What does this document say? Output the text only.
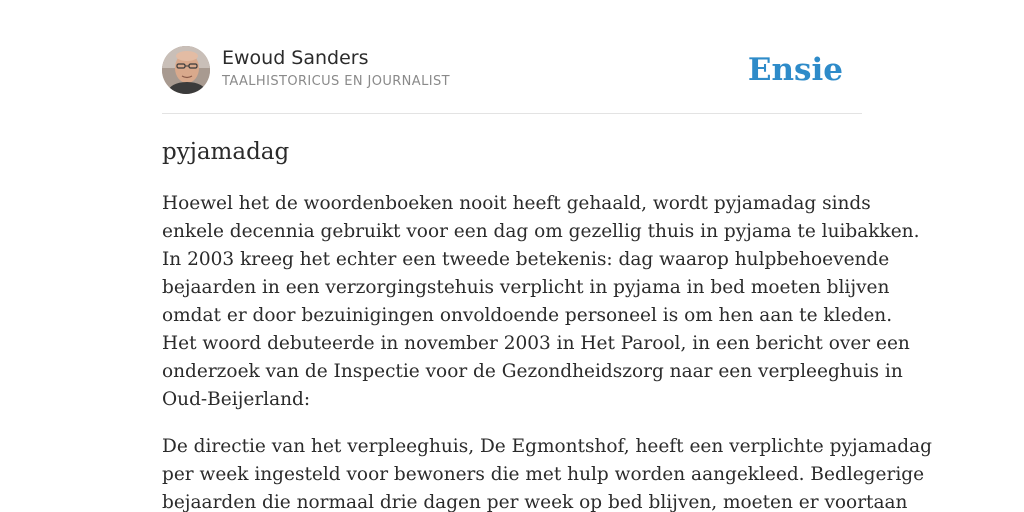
Ewoud Sanders
TAALHISTORICUS EN JOURNALIST	Ensie
pyjamadag

Hoewel het de woordenboeken nooit heeft gehaald, wordt pyjamadag sinds
enkele decennia gebruikt voor een dag om gezellig thuis in pyjama te luibakken.
In 2003 kreeg het echter een tweede betekenis: dag waarop hulpbehoevende
bejaarden in een verzorgingstehuis verplicht in pyjama in bed moeten blijven
omdat er door bezuinigingen onvoldoende personeel is om hen aan te kleden.
Het woord debuteerde in november 2003 in Het Parool, in een bericht over een
onderzoek van de Inspectie voor de Gezondheidszorg naar een verpleeghuis in
Oud-Beijerland:

De directie van het verpleeghuis, De Egmontshof, heeft een verplichte pyjamadag
per week ingesteld voor bewoners die met hulp worden aangekleed. Bedlegerige
bejaarden die normaal drie dagen per week op bed blijven, moeten er voortaan
